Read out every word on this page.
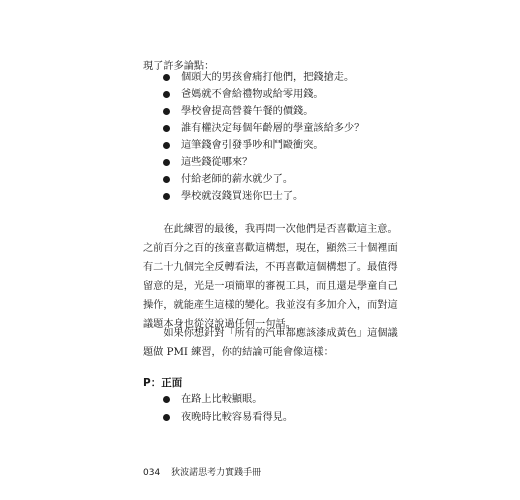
現了許多論點：
個頭大的男孩會痛打他們，把錢搶走。
爸媽就不會給禮物或給零用錢。
學校會提高營養午餐的價錢。
誰有權決定每個年齡層的學童該給多少？
這筆錢會引發爭吵和鬥毆衝突。
這些錢從哪來？
付給老師的薪水就少了。
學校就沒錢買迷你巴士了。
　　在此練習的最後，我再問一次他們是否喜歡這主意。
之前百分之百的孩童喜歡這構想，現在，顯然三十個裡面
有二十九個完全反轉看法，不再喜歡這個構想了。最值得
留意的是，光是一項簡單的審視工具，而且還是學童自己
操作，就能產生這樣的變化。我並沒有多加介入，而對這
議題本身也從沒說過任何一句話。
　　如果你想針對「所有的汽車都應該漆成黃色」這個議
題做 PMI 練習，你的結論可能會像這樣：
P：正面
在路上比較顯眼。
夜晚時比較容易看得見。
034 狄波諾思考力實踐手冊
